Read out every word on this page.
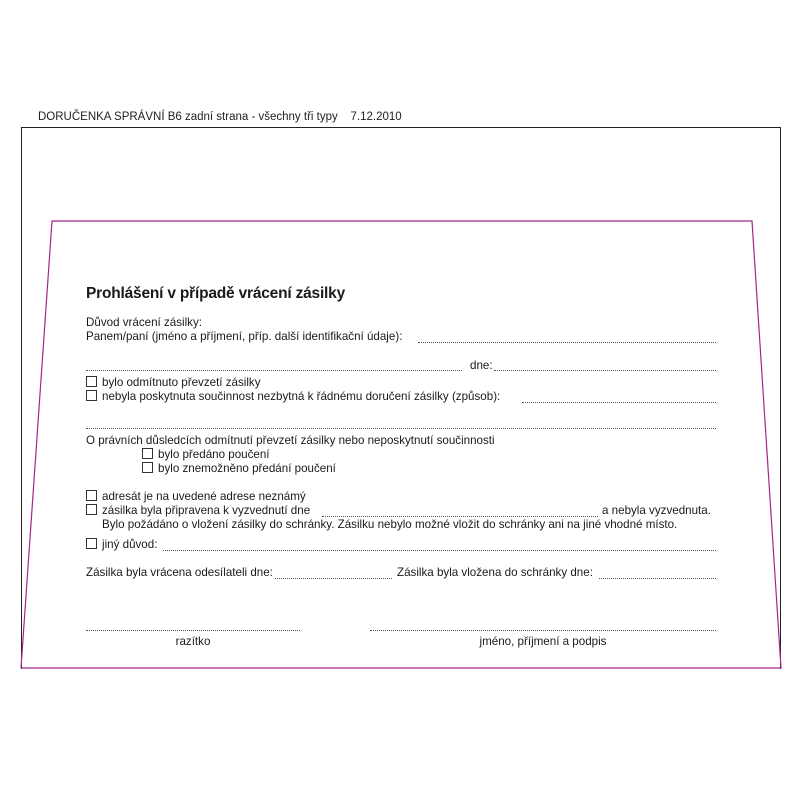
DORUČENKA SPRÁVNÍ B6 zadní strana - všechny tři typy    7.12.2010
Prohlášení v případě vrácení zásilky
Důvod vrácení zásilky:
Panem/paní (jméno a příjmení, příp. další identifikační údaje):
dne:
bylo odmítnuto převzetí zásilky
nebyla poskytnuta součinnost nezbytná k řádnému doručení zásilky (způsob):
O právních důsledcích odmítnutí převzetí zásilky nebo neposkytnutí součinnosti
bylo předáno poučení
bylo znemožněno předání poučení
adresát je na uvedené adrese neznámý
zásilka byla připravena k vyzvednutí dne	a nebyla vyzvednuta.
Bylo požádáno o vložení zásilky do schránky. Zásilku nebylo možné vložit do schránky ani na jiné vhodné místo.
jiný důvod:
Zásilka byla vrácena odesílateli dne:	Zásilka byla vložena do schránky dne:
razítko	jméno, příjmení a podpis
